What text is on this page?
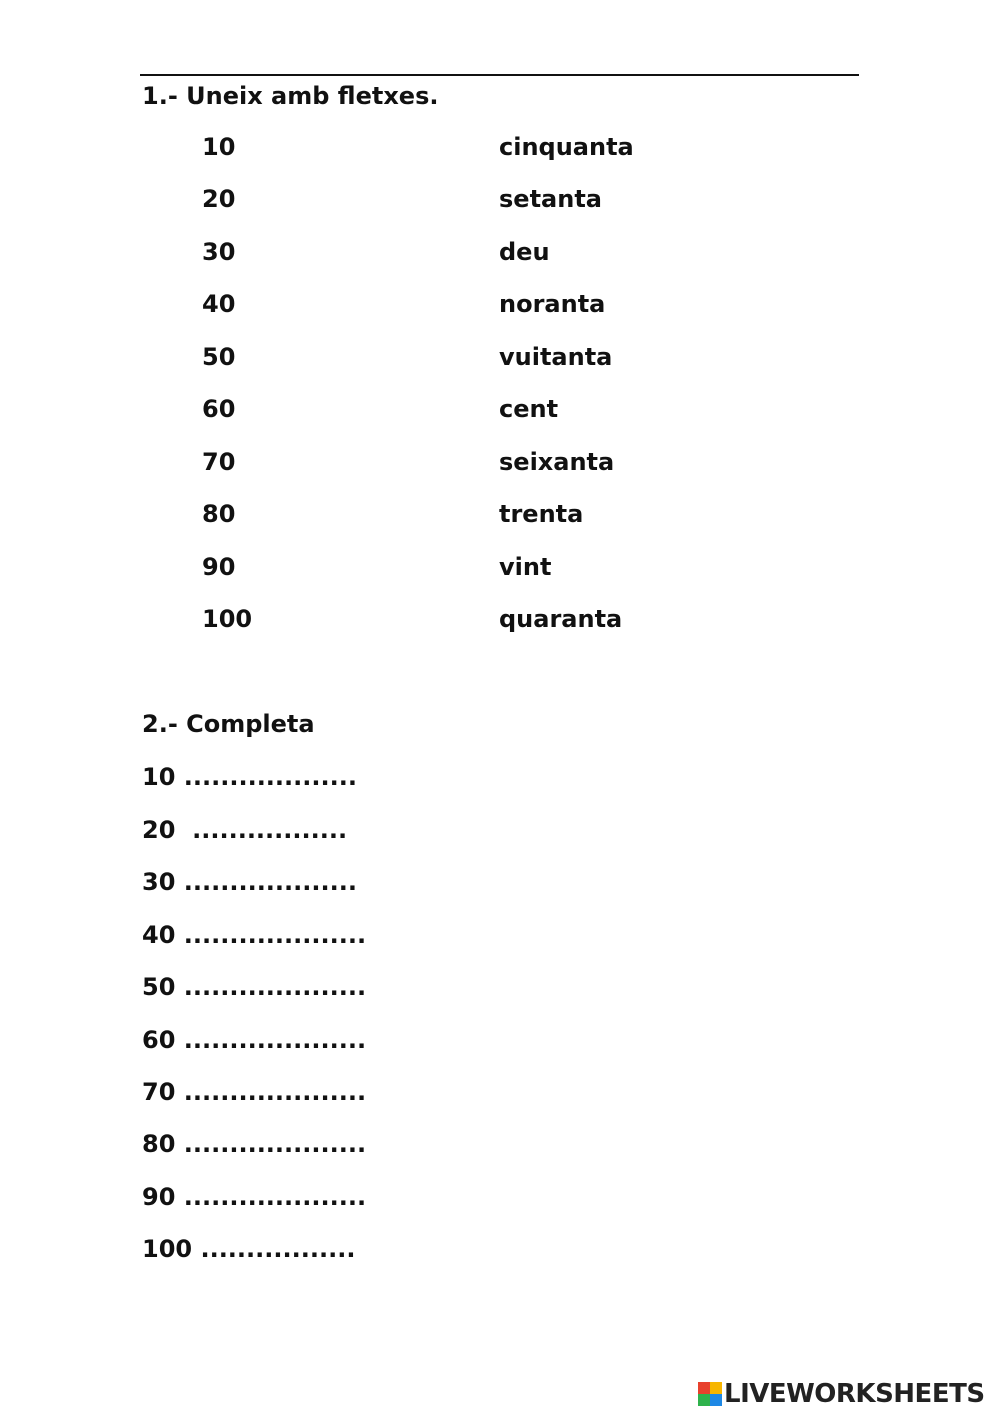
1.- Uneix amb fletxes.
10	cinquanta
20	setanta
30	deu
40	noranta
50	vuitanta
60	cent
70	seixanta
80	trenta
90	vint
100	quaranta
2.- Completa
10 ...................
20  .................
30 ...................
40 ....................
50 ....................
60 ....................
70 ....................
80 ....................
90 ....................
100 .................
LIVEWORKSHEETS
